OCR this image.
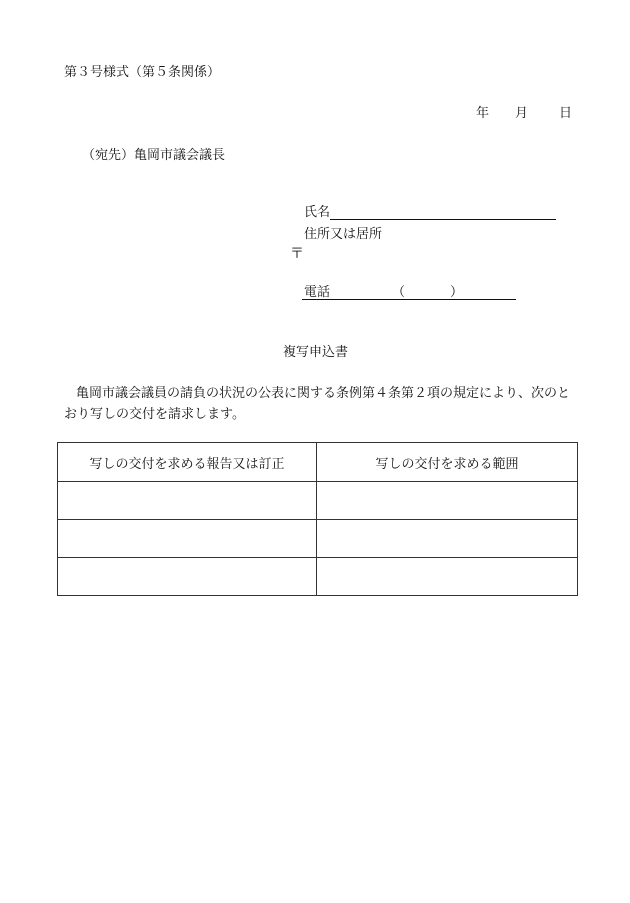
第３号様式（第５条関係）
年 月 日
（宛先）亀岡市議会議長
氏名
住所又は居所
〒
電話	（	）
複写申込書
亀岡市議会議員の請負の状況の公表に関する条例第４条第２項の規定により、次のとおり写しの交付を請求します。
写しの交付を求める報告又は訂正	写しの交付を求める範囲
